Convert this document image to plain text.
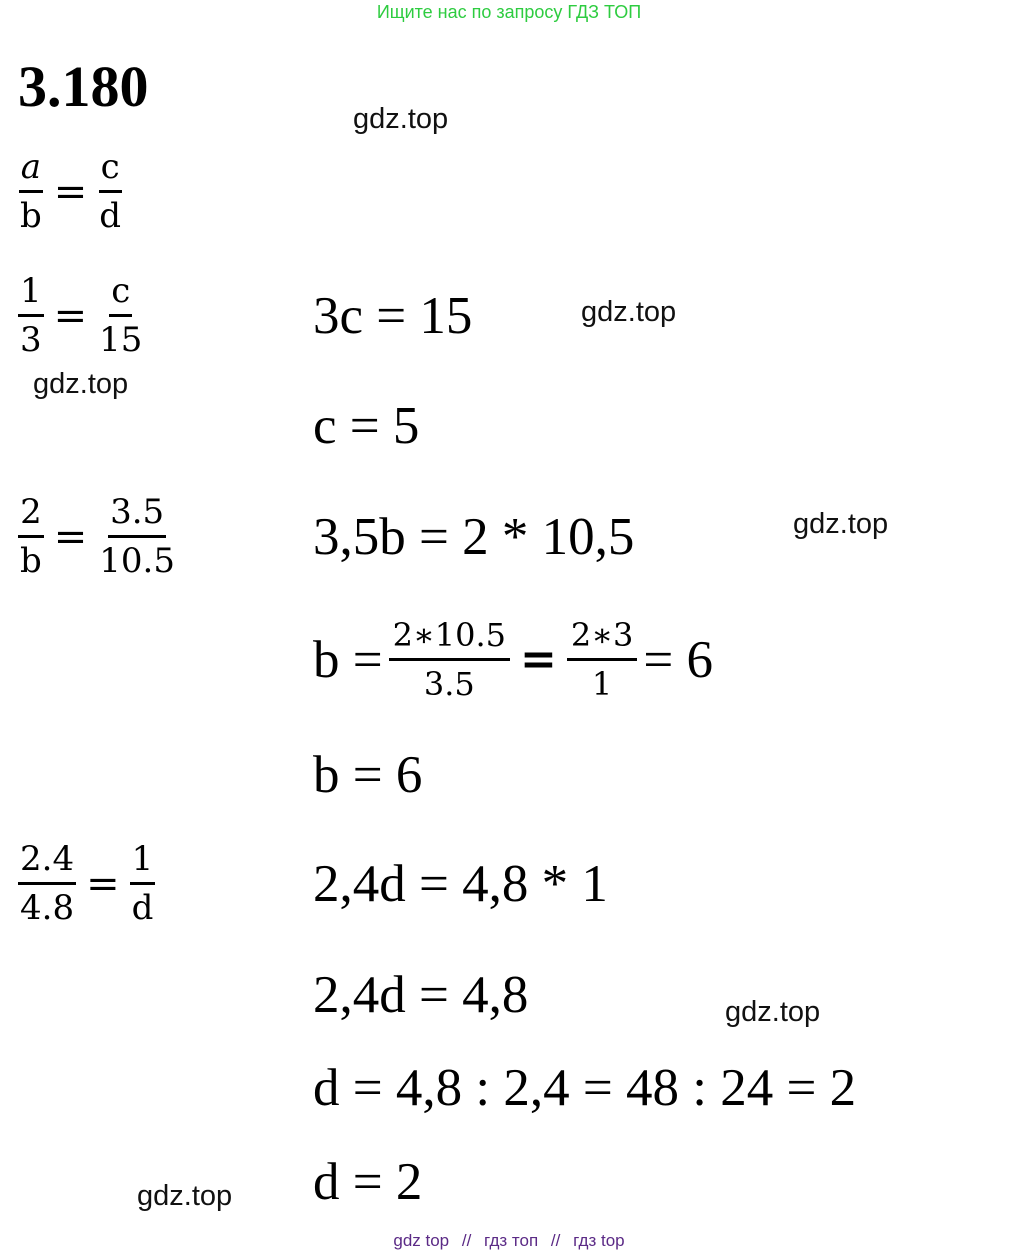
Ищите нас по запросу ГДЗ ТОП
3.180
$\frac{a}{b} = \frac{c}{d}$
$\frac{1}{3} = \frac{c}{15}$
$\frac{2}{b} = \frac{3.5}{10.5}$
$\frac{2.4}{4.8} = \frac{1}{d}$
3c = 15
c = 5
3,5b = 2 * 10,5
$b = \frac{2∗10.5}{3.5} = \frac{2∗3}{1} = 6$
b = 6
2,4d = 4,8 * 1
2,4d = 4,8
d = 4,8 : 2,4 = 48 : 24 = 2
d = 2
gdz.top
gdz.top
gdz.top
gdz.top
gdz.top
gdz.top
gdz top // гдз топ // гдз top
